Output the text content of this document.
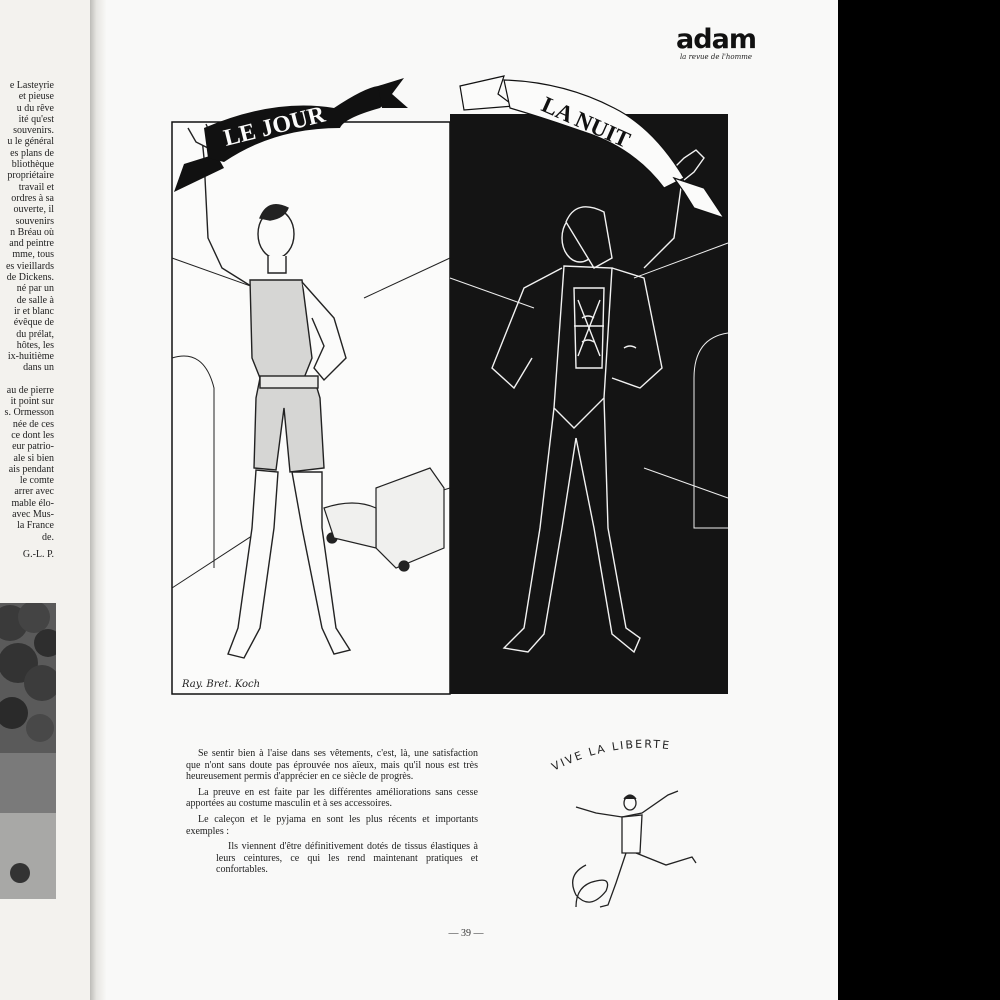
e Lasteyrie
et pieuse
u du rêve
ité qu'est
souvenirs.
u le général
es plans de
bliothèque
propriétaire
travail et
ordres à sa
ouverte, il
souvenirs
n Bréau où
and peintre
mme, tous
es vieillards
de Dickens.
né par un
de salle à
ir et blanc
évêque de
du prélat,
hôtes, les
ix-huitième
dans un
au de pierre
it point sur
s. Ormesson
née de ces
ce dont les
eur patrio-
ale si bien
ais pendant
le comte
arrer avec
mable élo-
avec Mus-
la France
de.
G.-L. P.
adam
la revue de l'homme
LE JOUR	LA NUIT
Ray. Bret. Koch

Se sentir bien à l'aise dans ses vêtements, c'est, là, une satisfaction que n'ont sans doute pas éprouvée nos aïeux, mais qu'il nous est très heureusement permis d'apprécier en ce siècle de progrès.

La preuve en est faite par les différentes améliorations sans cesse apportées au costume masculin et à ses accessoires.

Le caleçon et le pyjama en sont les plus récents et importants exemples :

Ils viennent d'être définitivement dotés de tissus élastiques à leurs ceintures, ce qui les rend maintenant pratiques et confortables.

VIVE LA LIBERTE
— 39 —
